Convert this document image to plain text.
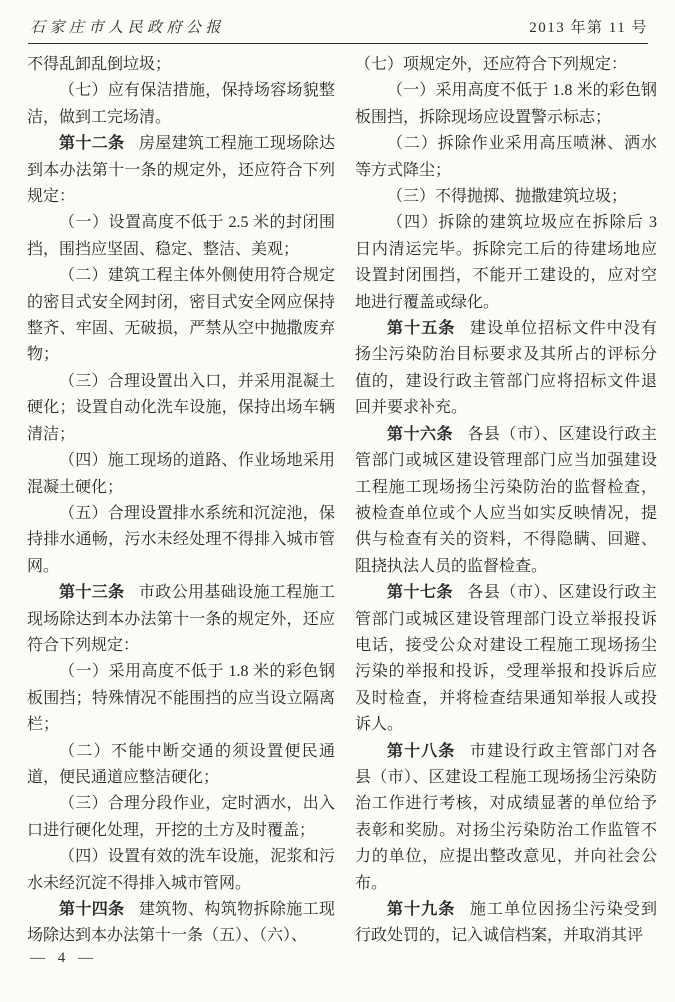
石家庄市人民政府公报	2013 年第 11 号

不得乱卸乱倒垃圾；

（七）应有保洁措施，保持场容场貌整洁，做到工完场清。

第十二条 房屋建筑工程施工现场除达到本办法第十一条的规定外，还应符合下列规定：

（一）设置高度不低于 2.5 米的封闭围挡，围挡应坚固、稳定、整洁、美观；

（二）建筑工程主体外侧使用符合规定的密目式安全网封闭，密目式安全网应保持整齐、牢固、无破损，严禁从空中抛撒废弃物；

（三）合理设置出入口，并采用混凝土硬化；设置自动化洗车设施，保持出场车辆清洁；

（四）施工现场的道路、作业场地采用混凝土硬化；

（五）合理设置排水系统和沉淀池，保持排水通畅，污水未经处理不得排入城市管网。

第十三条 市政公用基础设施工程施工现场除达到本办法第十一条的规定外，还应符合下列规定：

（一）采用高度不低于 1.8 米的彩色钢板围挡；特殊情况不能围挡的应当设立隔离栏；

（二）不能中断交通的须设置便民通道，便民通道应整洁硬化；

（三）合理分段作业，定时洒水，出入口进行硬化处理，开挖的土方及时覆盖；

（四）设置有效的洗车设施，泥浆和污水未经沉淀不得排入城市管网。

第十四条 建筑物、构筑物拆除施工现场除达到本办法第十一条（五）、（六）、

（七）项规定外，还应符合下列规定：

（一）采用高度不低于 1.8 米的彩色钢板围挡，拆除现场应设置警示标志；

（二）拆除作业采用高压喷淋、洒水等方式降尘；

（三）不得抛掷、抛撒建筑垃圾；

（四）拆除的建筑垃圾应在拆除后 3 日内清运完毕。拆除完工后的待建场地应设置封闭围挡，不能开工建设的，应对空地进行覆盖或绿化。

第十五条 建设单位招标文件中没有扬尘污染防治目标要求及其所占的评标分值的，建设行政主管部门应将招标文件退回并要求补充。

第十六条 各县（市）、区建设行政主管部门或城区建设管理部门应当加强建设工程施工现场扬尘污染防治的监督检查，被检查单位或个人应当如实反映情况，提供与检查有关的资料，不得隐瞒、回避、阻挠执法人员的监督检查。

第十七条 各县（市）、区建设行政主管部门或城区建设管理部门设立举报投诉电话，接受公众对建设工程施工现场扬尘污染的举报和投诉，受理举报和投诉后应及时检查，并将检查结果通知举报人或投诉人。

第十八条 市建设行政主管部门对各县（市）、区建设工程施工现场扬尘污染防治工作进行考核，对成绩显著的单位给予表彰和奖励。对扬尘污染防治工作监管不力的单位，应提出整改意见，并向社会公布。

第十九条 施工单位因扬尘污染受到行政处罚的，记入诚信档案，并取消其评

— 4 —
